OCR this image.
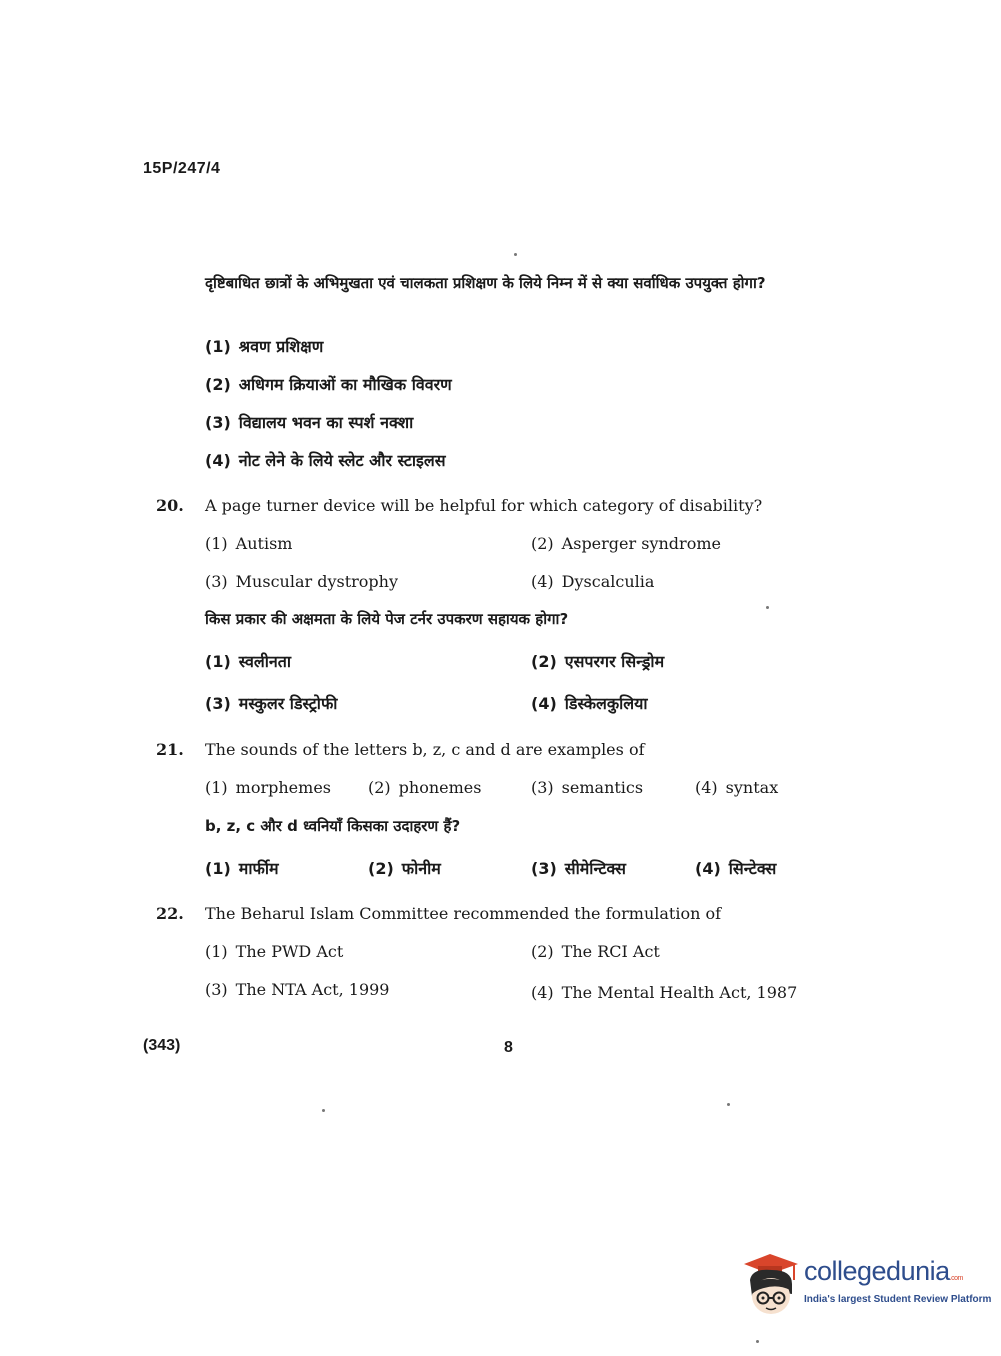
15P/247/4
दृष्टिबाधित छात्रों के अभिमुखता एवं चालकता प्रशिक्षण के लिये निम्न में से क्या सर्वाधिक उपयुक्त होगा?
(1) श्रवण प्रशिक्षण
(2) अधिगम क्रियाओं का मौखिक विवरण
(3) विद्यालय भवन का स्पर्श नक्शा
(4) नोट लेने के लिये स्लेट और स्टाइलस
20. A page turner device will be helpful for which category of disability?
(1) Autism	(2) Asperger syndrome
(3) Muscular dystrophy	(4) Dyscalculia
किस प्रकार की अक्षमता के लिये पेज टर्नर उपकरण सहायक होगा?
(1) स्वलीनता	(2) एसपरगर सिन्ड्रोम
(3) मस्कुलर डिस्ट्रोफी	(4) डिस्केलकुलिया
21. The sounds of the letters b, z, c and d are examples of
(1) morphemes (2) phonemes	(3) semantics	(4) syntax
b, z, c और d ध्वनियाँ किसका उदाहरण हैं?
(1) मार्फीम	(2) फोनीम	(3) सीमेन्टिक्स	(4) सिन्टेक्स
22. The Beharul Islam Committee recommended the formulation of
(1) The PWD Act	(2) The RCI Act
(3) The NTA Act, 1999	(4) The Mental Health Act, 1987
(343)	8
collegedunia.com
India's largest Student Review Platform
